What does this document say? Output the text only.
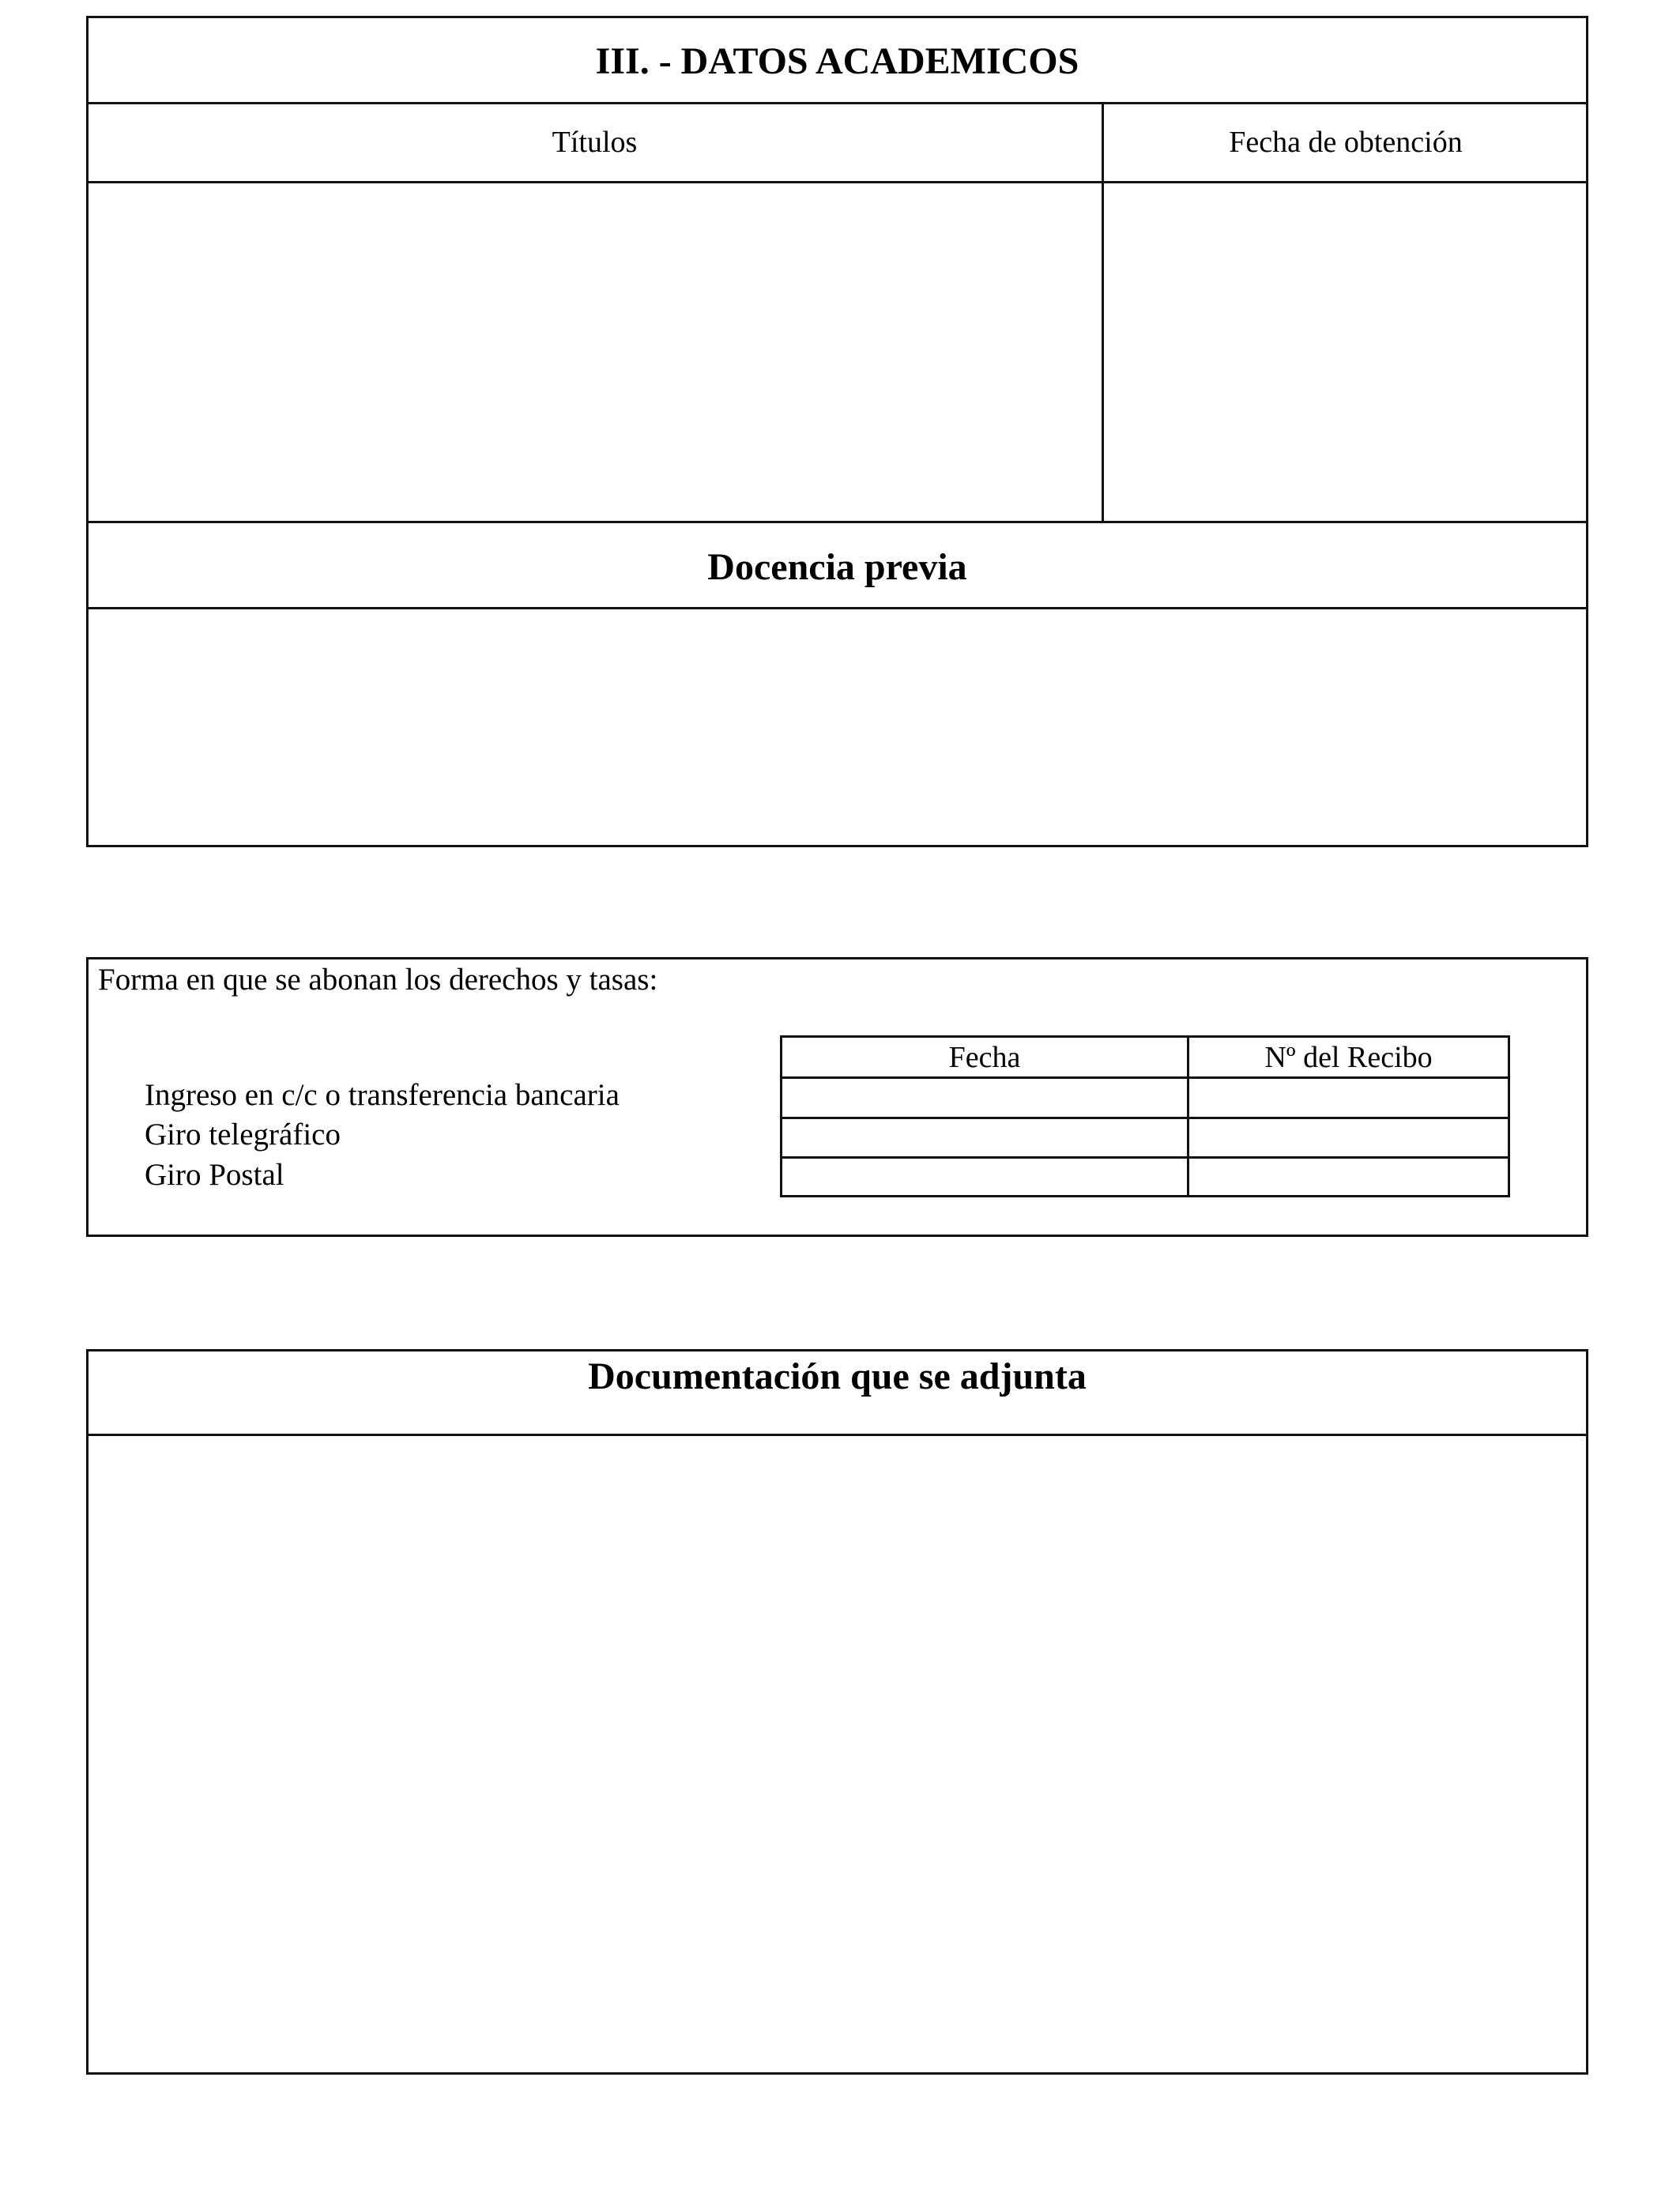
III. - DATOS ACADEMICOS
Títulos	Fecha de obtención
Docencia previa
Forma en que se abonan los derechos y tasas:
Ingreso en c/c o transferencia bancaria
Giro telegráfico
Giro Postal
Fecha	Nº del Recibo
Documentación que se adjunta
